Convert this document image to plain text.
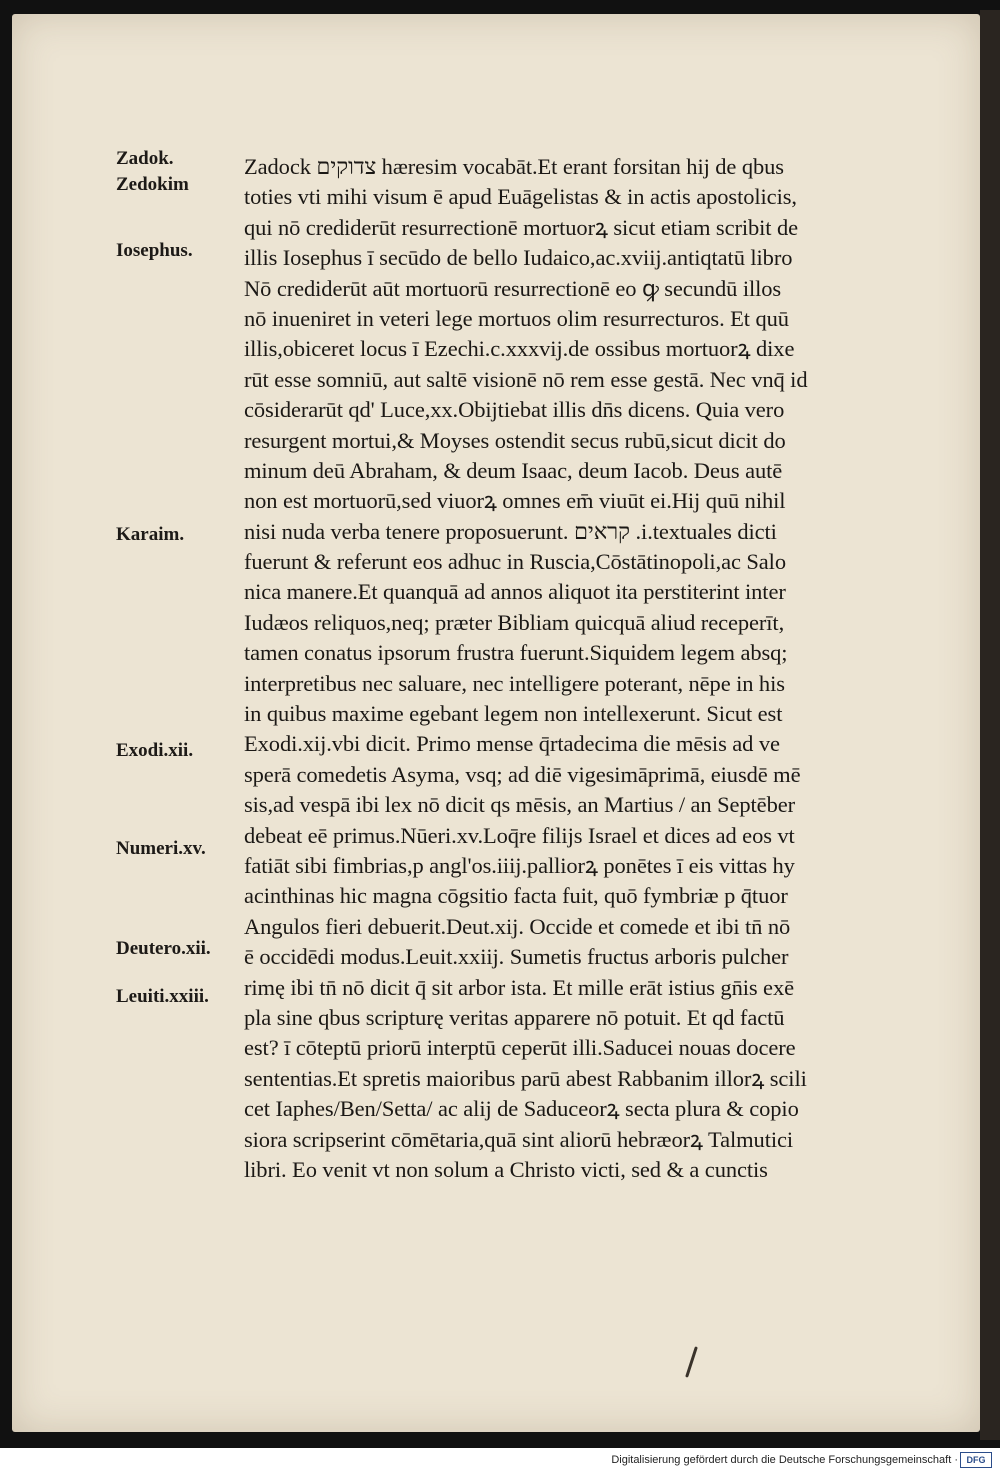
Zadok.
Zedokim
Iosephus.
Karaim.
Exodi.xii.
Numeri.xv.
Deutero.xii.
Leuiti.xxiii.
Zadock צדוקים hæresim vocabāt.Et erant forsitan hij de qbus
toties vti mihi visum ē apud Euāgelistas & in actis apostolicis,
qui nō crediderūt resurrectionē mortuorꝝ sicut etiam scribit de
illis Iosephus ī secūdo de bello Iudaico,ac.xviij.antiqtatū libro
Nō crediderūt aūt mortuorū resurrectionē eo ꝙ secundū illos
nō inueniret in veteri lege mortuos olim resurrecturos. Et quū
illis,obiceret locus ī Ezechi.c.xxxvij.de ossibus mortuorꝝ dixe
rūt esse somniū, aut saltē visionē nō rem esse gestā. Nec vnq̄ id
cōsiderarūt qd' Luce,xx.Obijtiebat illis dn̄s dicens. Quia vero
resurgent mortui,& Moyses ostendit secus rubū,sicut dicit do
minum deū Abraham, & deum Isaac, deum Iacob. Deus autē
non est mortuorū,sed viuorꝝ omnes em̄ viuūt ei.Hij quū nihil
nisi nuda verba tenere proposuerunt. קראים .i.textuales dicti
fuerunt & referunt eos adhuc in Ruscia,Cōstātinopoli,ac Salo
nica manere.Et quanquā ad annos aliquot ita perstiterint inter
Iudæos reliquos,neq; præter Bibliam quicquā aliud receperīt,
tamen conatus ipsorum frustra fuerunt.Siquidem legem absq;
interpretibus nec saluare, nec intelligere poterant, nēpe in his
in quibus maxime egebant legem non intellexerunt. Sicut est
Exodi.xij.vbi dicit. Primo mense q̄rtadecima die mēsis ad ve
sperā comedetis Asyma, vsq; ad diē vigesimāprimā, eiusdē mē
sis,ad vespā ibi lex nō dicit qs mēsis, an Martius / an Septēber
debeat eē primus.Nūeri.xv.Loq̄re filijs Israel et dices ad eos vt
fatiāt sibi fimbrias,p angl'os.iiij.palliorꝝ ponētes ī eis vittas hy
acinthinas hic magna cōgsitio facta fuit, quō fymbriæ p q̄tuor
Angulos fieri debuerit.Deut.xij. Occide et comede et ibi tn̄ nō
ē occidēdi modus.Leuit.xxiij. Sumetis fructus arboris pulcher
rimę ibi tn̄ nō dicit q̄ sit arbor ista. Et mille erāt istius gn̄is exē
pla sine qbus scripturę veritas apparere nō potuit. Et qd factū
est? ī cōteptū priorū interptū ceperūt illi.Saducei nouas docere
sententias.Et spretis maioribus parū abest Rabbanim illorꝝ scili
cet Iaphes/Ben/Setta/ ac alij de Saduceorꝝ secta plura & copio
siora scripserint cōmētaria,quā sint aliorū hebræorꝝ Talmutici
libri. Eo venit vt non solum a Christo victi, sed & a cunctis
Digitalisierung gefördert durch die Deutsche Forschungsgemeinschaft · DFG
